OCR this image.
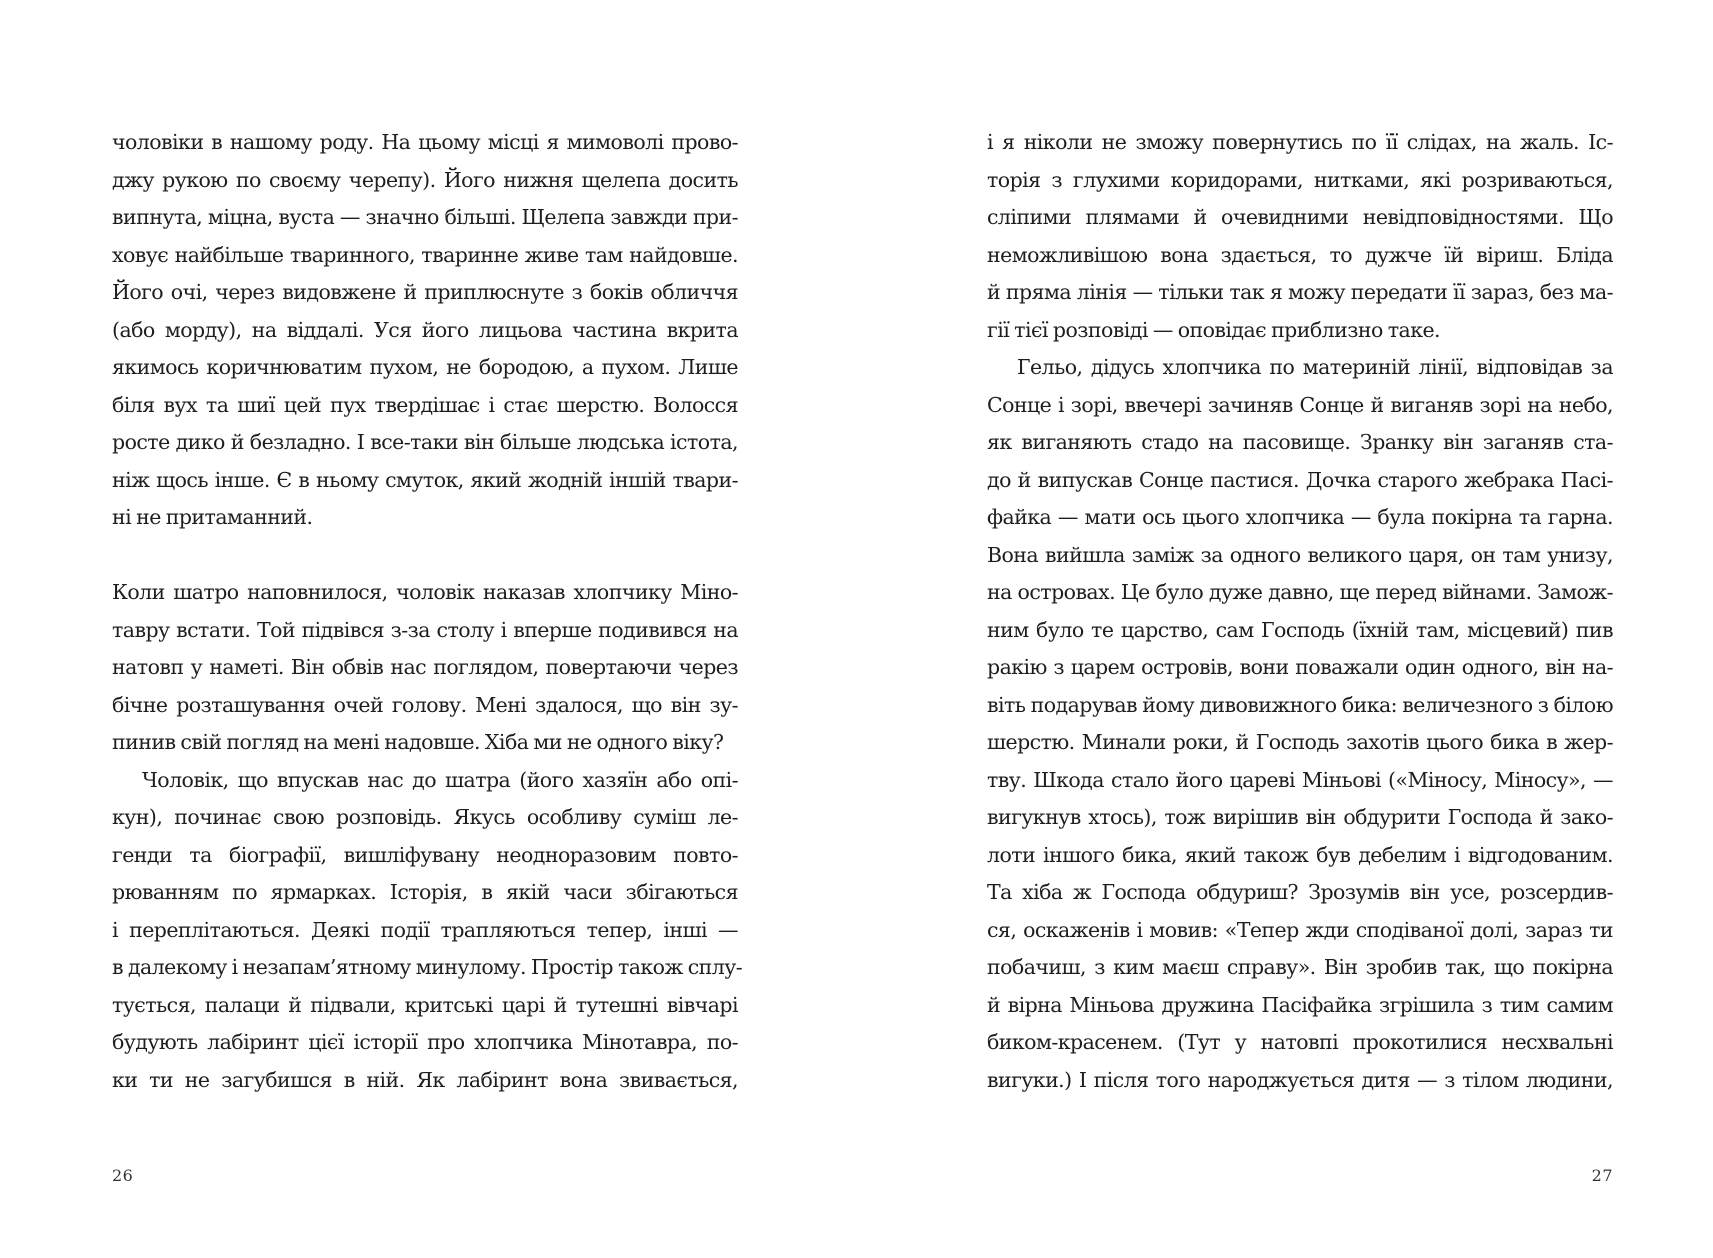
чоловіки в нашому роду. На цьому місці я мимоволі прово-
джу рукою по своєму черепу). Його нижня щелепа досить
випнута, міцна, вуста — значно більші. Щелепа завжди при-
ховує найбільше тваринного, тваринне живе там найдовше.
Його очі, через видовжене й приплюснуте з боків обличчя
(або морду), на віддалі. Уся його лицьова частина вкрита
якимось коричнюватим пухом, не бородою, а пухом. Лише
біля вух та шиї цей пух твердішає і стає шерстю. Волосся
росте дико й безладно. І все-таки він більше людська істота,
ніж щось інше. Є в ньому смуток, який жодній іншій твари-
ні не притаманний.
Коли шатро наповнилося, чоловік наказав хлопчику Міно-
тавру встати. Той підвівся з-за столу і вперше подивився на
натовп у наметі. Він обвів нас поглядом, повертаючи через
бічне розташування очей голову. Мені здалося, що він зу-
пинив свій погляд на мені надовше. Хіба ми не одного віку?
Чоловік, що впускав нас до шатра (його хазяїн або опі-
кун), починає свою розповідь. Якусь особливу суміш ле-
генди та біографії, вишліфувану неодноразовим повто-
рюванням по ярмарках. Історія, в якій часи збігаються
і переплітаються. Деякі події трапляються тепер, інші —
в далекому і незапам’ятному минулому. Простір також сплу-
тується, палаци й підвали, критські царі й тутешні вівчарі
будують лабіринт цієї історії про хлопчика Мінотавра, по-
ки ти не загубишся в ній. Як лабіринт вона звивається,
26
і я ніколи не зможу повернутись по її слідах, на жаль. Іс-
торія з глухими коридорами, нитками, які розриваються,
сліпими плямами й очевидними невідповідностями. Що
неможливішою вона здається, то дужче їй віриш. Бліда
й пряма лінія — тільки так я можу передати її зараз, без ма-
гії тієї розповіді — оповідає приблизно таке.
Гельо, дідусь хлопчика по материній лінії, відповідав за
Сонце і зорі, ввечері зачиняв Сонце й виганяв зорі на небо,
як виганяють стадо на пасовище. Зранку він заганяв ста-
до й випускав Сонце пастися. Дочка старого жебрака Пасі-
файка — мати ось цього хлопчика — була покірна та гарна.
Вона вийшла заміж за одного великого царя, он там унизу,
на островах. Це було дуже давно, ще перед війнами. Замож-
ним було те царство, сам Господь (їхній там, місцевий) пив
ракію з царем островів, вони поважали один одного, він на-
віть подарував йому дивовижного бика: величезного з білою
шерстю. Минали роки, й Господь захотів цього бика в жер-
тву. Шкода стало його цареві Міньові («Міносу, Міносу», —
вигукнув хтось), тож вирішив він обдурити Господа й зако-
лоти іншого бика, який також був дебелим і відгодованим.
Та хіба ж Господа обдуриш? Зрозумів він усе, розсердив-
ся, оскаженів і мовив: «Тепер жди сподіваної долі, зараз ти
побачиш, з ким маєш справу». Він зробив так, що покірна
й вірна Міньова дружина Пасіфайка згрішила з тим самим
биком-красенем. (Тут у натовпі прокотилися несхвальні
вигуки.) І після того народжується дитя — з тілом людини,
27
